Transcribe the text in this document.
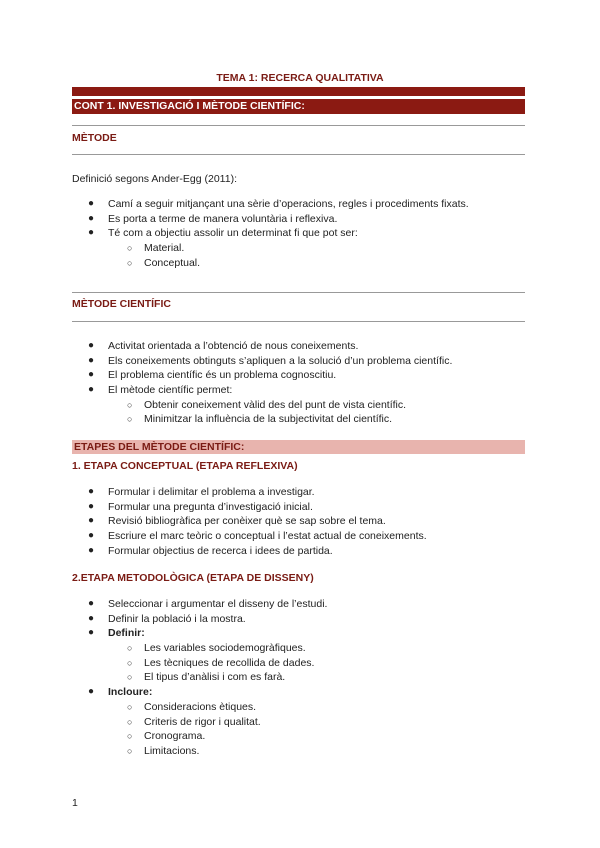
TEMA 1: RECERCA QUALITATIVA
CONT 1. INVESTIGACIÓ I MÈTODE CIENTÍFIC:
MÈTODE
Definició segons Ander-Egg (2011):
● Camí a seguir mitjançant una sèrie d’operacions, regles i procediments fixats.
● Es porta a terme de manera voluntària i reflexiva.
● Té com a objectiu assolir un determinat fi que pot ser:
○ Material.
○ Conceptual.
MÈTODE CIENTÍFIC
● Activitat orientada a l’obtenció de nous coneixements.
● Els coneixements obtinguts s’apliquen a la solució d’un problema científic.
● El problema científic és un problema cognoscitiu.
● El mètode científic permet:
○ Obtenir coneixement vàlid des del punt de vista científic.
○ Minimitzar la influència de la subjectivitat del científic.
ETAPES DEL MÈTODE CIENTÍFIC:
1. ETAPA CONCEPTUAL (ETAPA REFLEXIVA)
● Formular i delimitar el problema a investigar.
● Formular una pregunta d’investigació inicial.
● Revisió bibliogràfica per conèixer què se sap sobre el tema.
● Escriure el marc teòric o conceptual i l’estat actual de coneixements.
● Formular objectius de recerca i idees de partida.
2.ETAPA METODOLÒGICA (ETAPA DE DISSENY)
● Seleccionar i argumentar el disseny de l’estudi.
● Definir la població i la mostra.
● Definir:
○ Les variables sociodemogràfiques.
○ Les tècniques de recollida de dades.
○ El tipus d’anàlisi i com es farà.
● Incloure:
○ Consideracions ètiques.
○ Criteris de rigor i qualitat.
○ Cronograma.
○ Limitacions.
1
